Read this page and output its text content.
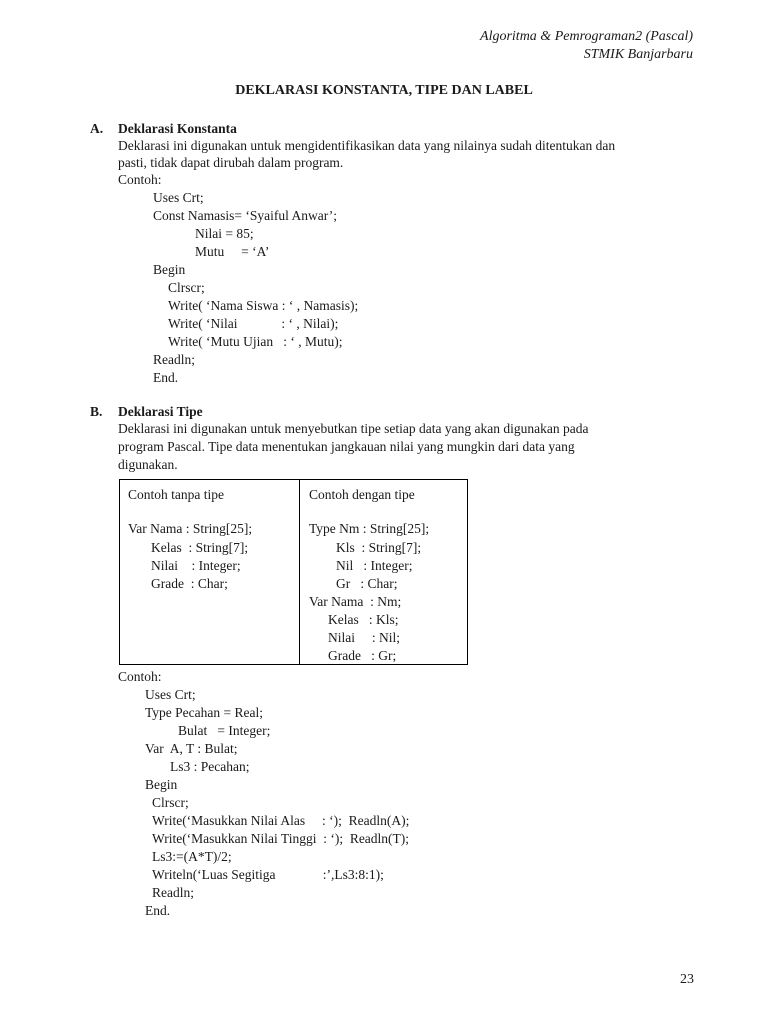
Algoritma & Pemrograman2 (Pascal)
STMIK Banjarbaru
DEKLARASI KONSTANTA, TIPE DAN LABEL
A. Deklarasi Konstanta
Deklarasi ini digunakan untuk mengidentifikasikan data yang nilainya sudah ditentukan dan
pasti, tidak dapat dirubah dalam program.
Contoh:
Uses Crt;
Const Namasis= ‘Syaiful Anwar’;
Nilai = 85;
Mutu     = ‘A’
Begin
Clrscr;
Write( ‘Nama Siswa : ‘ , Namasis);
Write( ‘Nilai             : ‘ , Nilai);
Write( ‘Mutu Ujian   : ‘ , Mutu);
Readln;
End.
B. Deklarasi Tipe
Deklarasi ini digunakan untuk menyebutkan tipe setiap data yang akan digunakan pada
program Pascal. Tipe data menentukan jangkauan nilai yang mungkin dari data yang
digunakan.
Contoh tanpa tipe	Contoh dengan tipe
Var Nama : String[25];
Kelas  : String[7];
Nilai    : Integer;
Grade  : Char;
Type Nm : String[25];
Kls  : String[7];
Nil   : Integer;
Gr   : Char;
Var Nama  : Nm;
Kelas   : Kls;
Nilai     : Nil;
Grade   : Gr;
Contoh:
Uses Crt;
Type Pecahan = Real;
Bulat   = Integer;
Var  A, T : Bulat;
Ls3 : Pecahan;
Begin
Clrscr;
Write(‘Masukkan Nilai Alas     : ‘);  Readln(A);
Write(‘Masukkan Nilai Tinggi  : ‘);  Readln(T);
Ls3:=(A*T)/2;
Writeln(‘Luas Segitiga              :’,Ls3:8:1);
Readln;
End.
23
